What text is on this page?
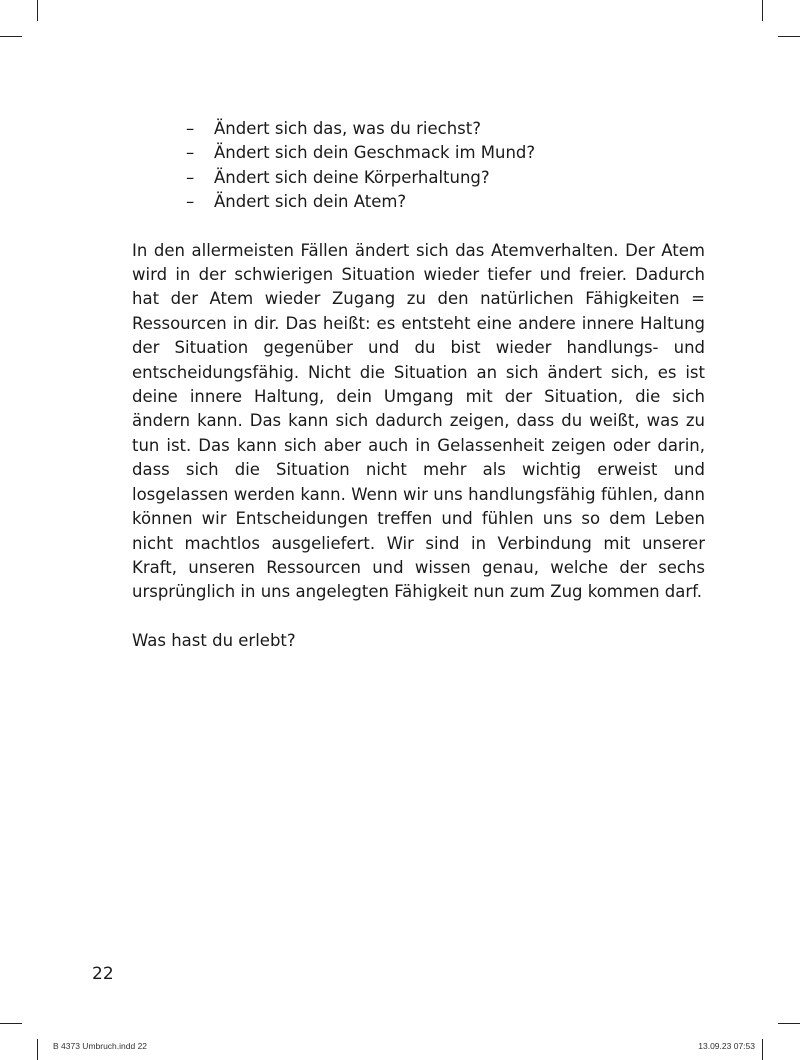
– Ändert sich das, was du riechst?
– Ändert sich dein Geschmack im Mund?
– Ändert sich deine Körperhaltung?
– Ändert sich dein Atem?

In den allermeisten Fällen ändert sich das Atemverhalten. Der Atem wird in der schwierigen Situation wieder tiefer und freier. Dadurch hat der Atem wieder Zugang zu den natürlichen Fähigkeiten = Ressourcen in dir. Das heißt: es entsteht eine andere innere Haltung der Situation gegenüber und du bist wieder handlungs- und entscheidungsfähig. Nicht die Situation an sich ändert sich, es ist deine innere Haltung, dein Umgang mit der Situation, die sich ändern kann. Das kann sich dadurch zeigen, dass du weißt, was zu tun ist. Das kann sich aber auch in Gelassenheit zeigen oder darin, dass sich die Situation nicht mehr als wichtig erweist und losgelassen werden kann. Wenn wir uns handlungsfähig fühlen, dann können wir Entscheidungen treffen und fühlen uns so dem Leben nicht machtlos ausgeliefert. Wir sind in Verbindung mit unserer Kraft, unseren Ressourcen und wissen genau, welche der sechs ursprünglich in uns angelegten Fähigkeit nun zum Zug kommen darf.

Was hast du erlebt?

22
B 4373 Umbruch.indd 22	13.09.23 07:53
